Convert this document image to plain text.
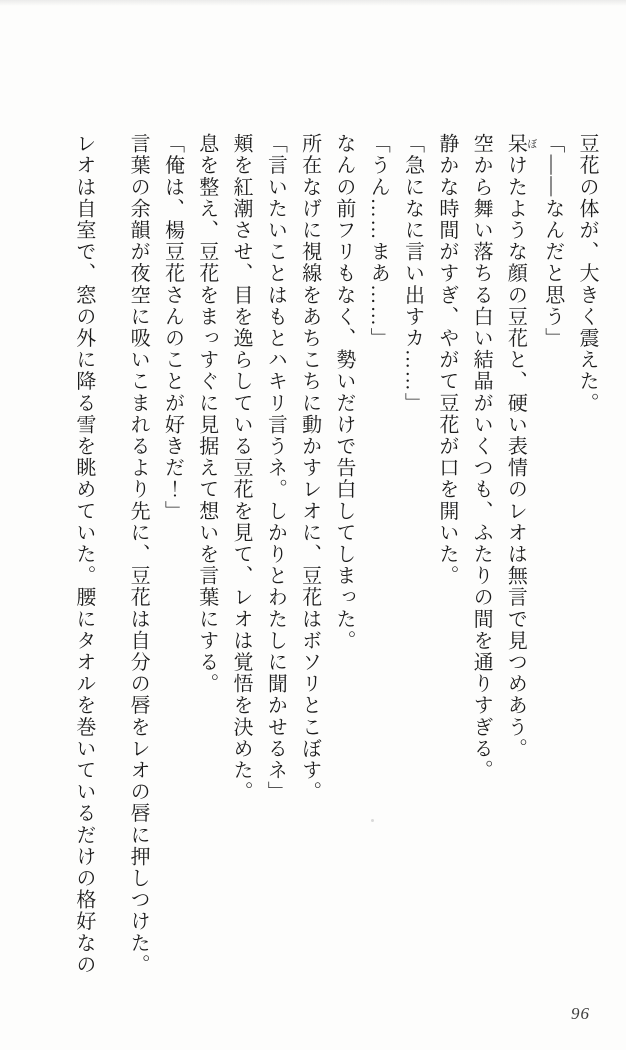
豆花の体が、大きく震えた。

「――なんだと思う」

呆ぼけたような顔の豆花と、硬い表情のレオは無言で見つめあう。

空から舞い落ちる白い結晶がいくつも、ふたりの間を通りすぎる。

静かな時間がすぎ、やがて豆花が口を開いた。

「急になに言い出すカ……」

「うん……まあ……」

なんの前フリもなく、勢いだけで告白してしまった。

所在なげに視線をあちこちに動かすレオに、豆花はボソリとこぼす。

「言いたいことはもとハキリ言うネ。しかりとわたしに聞かせるネ」

頬を紅潮させ、目を逸らしている豆花を見て、レオは覚悟を決めた。

息を整え、豆花をまっすぐに見据えて想いを言葉にする。

「俺は、楊豆花さんのことが好きだ！」

言葉の余韻が夜空に吸いこまれるより先に、豆花は自分の唇をレオの唇に押しつけた。

レオは自室で、窓の外に降る雪を眺めていた。腰にタオルを巻いているだけの格好なの

96
